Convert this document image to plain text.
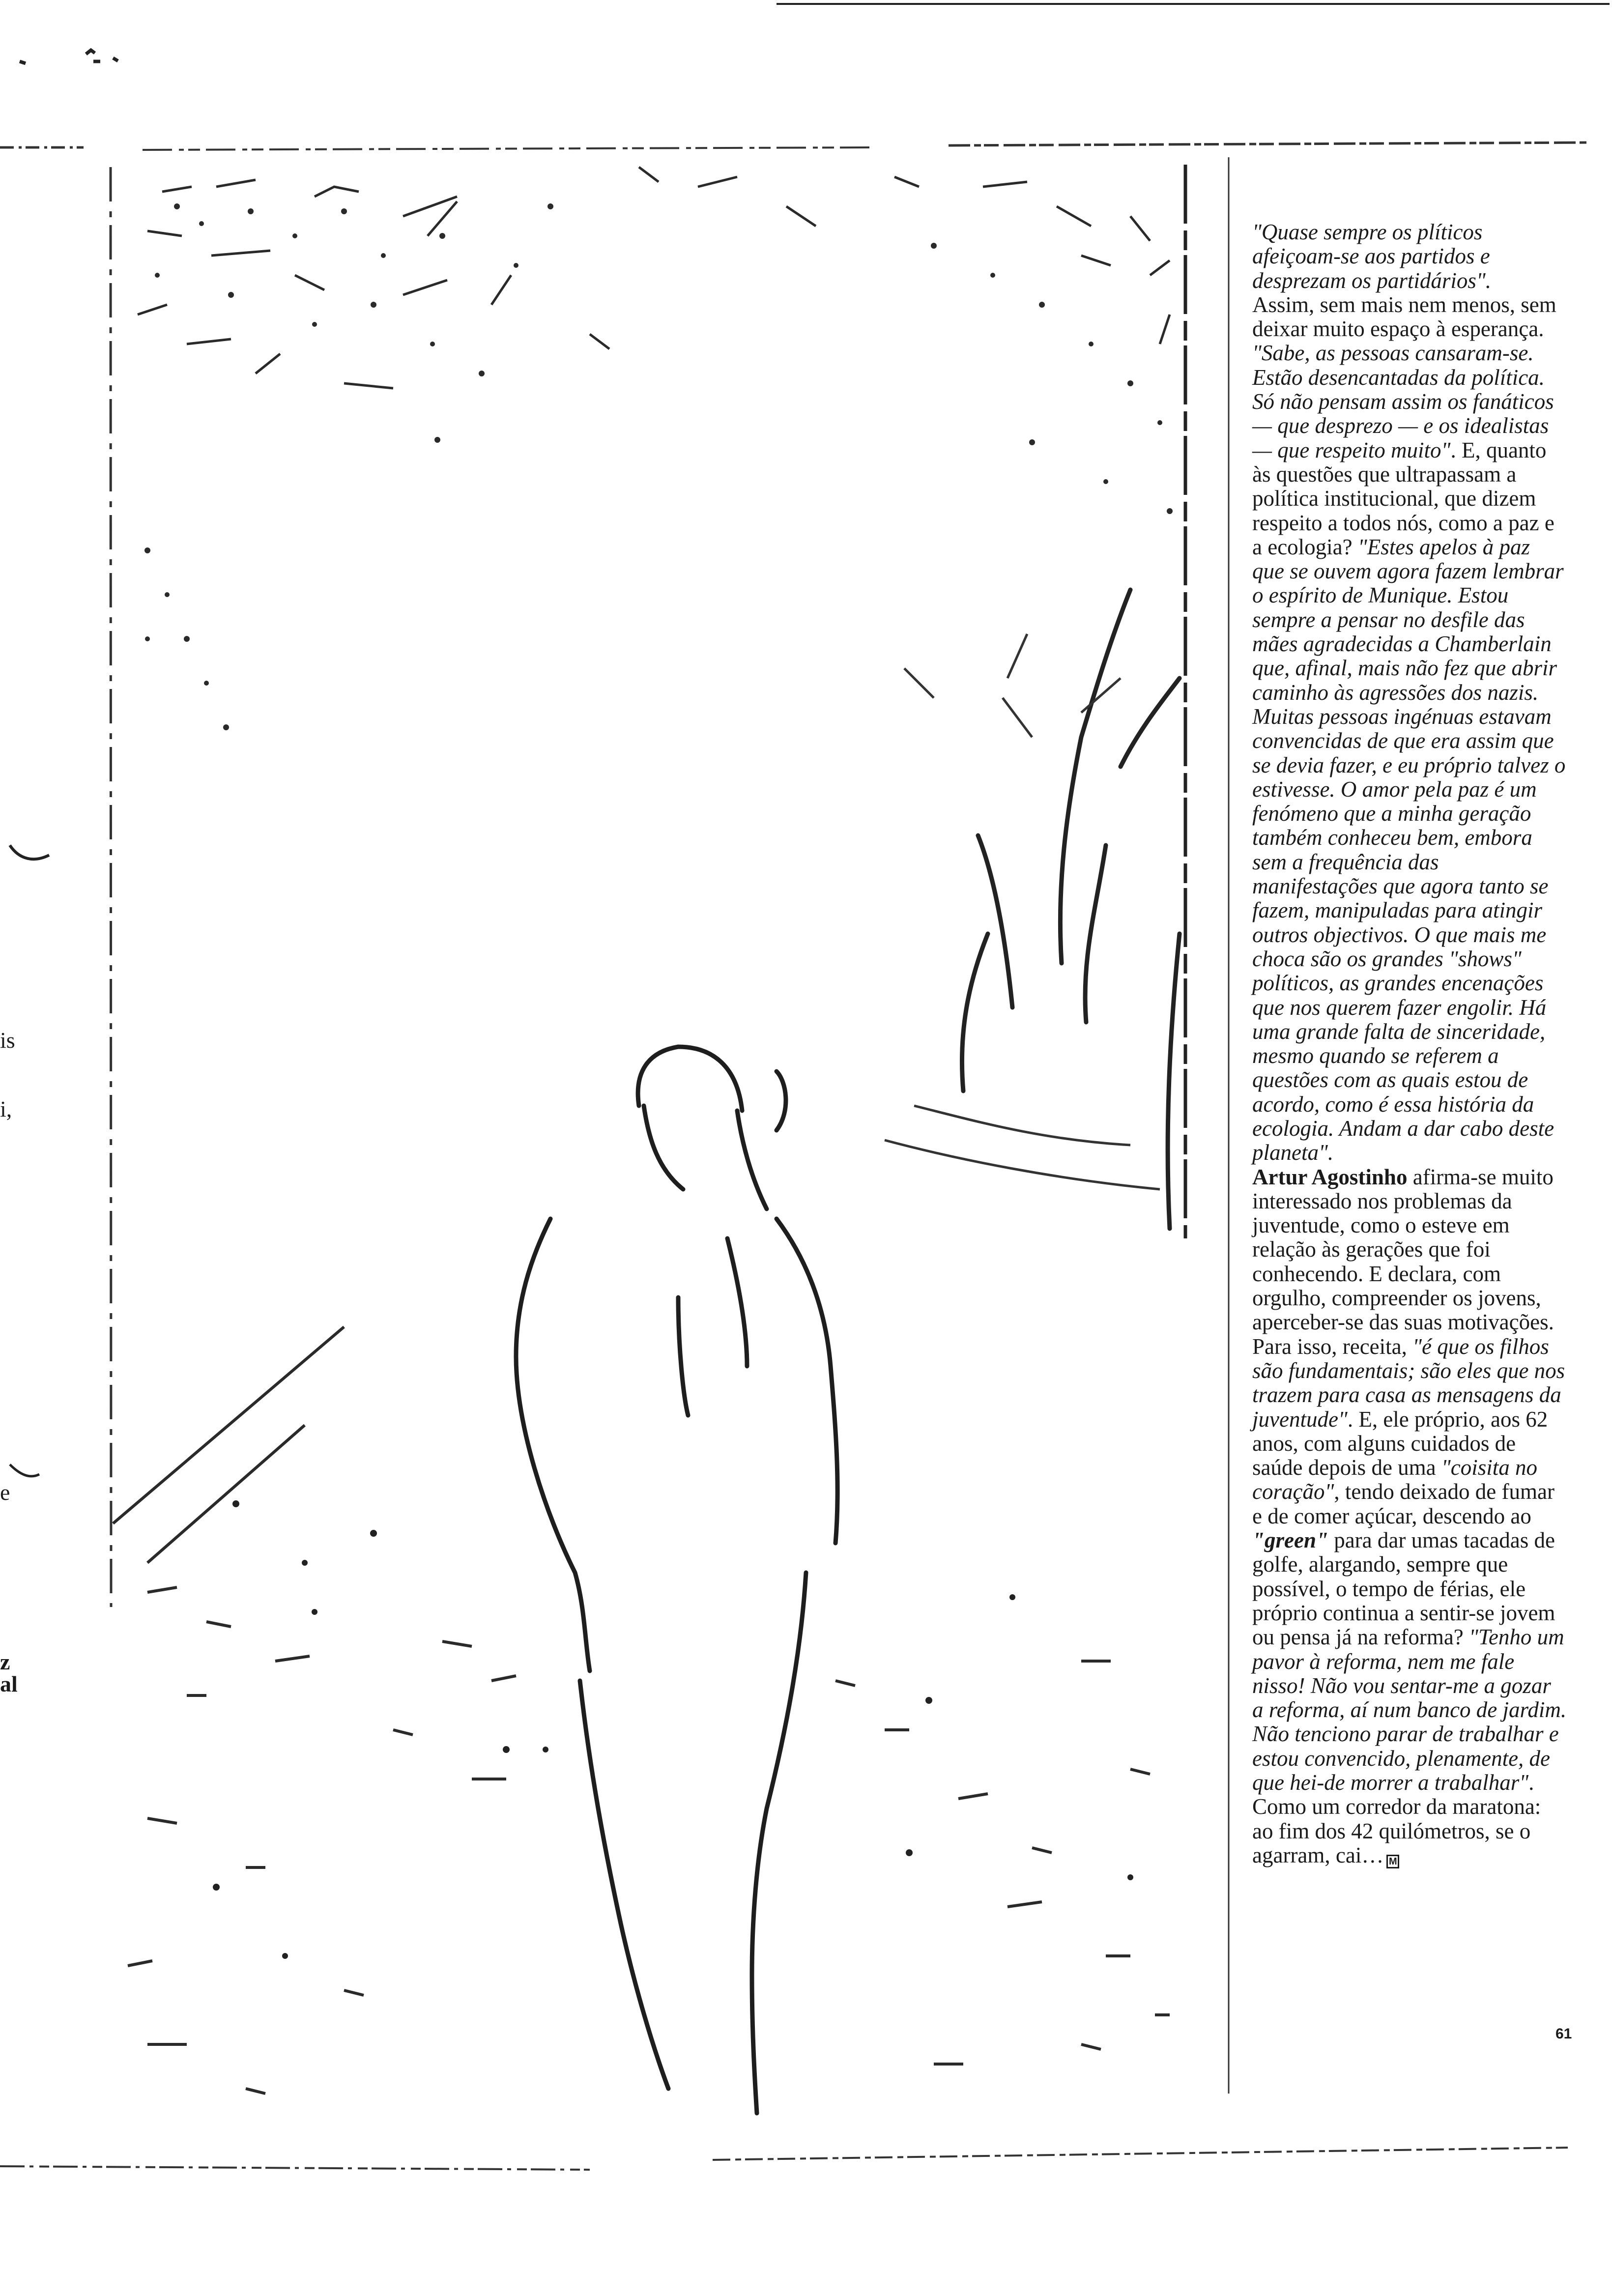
is
i,
e
z
al

"Quase sempre os plíticos afeiçoam-se aos partidos e desprezam os partidários".
Assim, sem mais nem menos, sem deixar muito espaço à esperança. "Sabe, as pessoas cansaram-se. Estão desencantadas da política. Só não pensam assim os fanáticos — que desprezo — e os idealistas — que respeito muito". E, quanto às questões que ultrapassam a política institucional, que dizem respeito a todos nós, como a paz e a ecologia? "Estes apelos à paz que se ouvem agora fazem lembrar o espírito de Munique. Estou sempre a pensar no desfile das mães agradecidas a Chamberlain que, afinal, mais não fez que abrir caminho às agressões dos nazis. Muitas pessoas ingénuas estavam convencidas de que era assim que se devia fazer, e eu próprio talvez o estivesse. O amor pela paz é um fenómeno que a minha geração também conheceu bem, embora sem a frequência das manifestações que agora tanto se fazem, manipuladas para atingir outros objectivos. O que mais me choca são os grandes "shows" políticos, as grandes encenações que nos querem fazer engolir. Há uma grande falta de sinceridade, mesmo quando se referem a questões com as quais estou de acordo, como é essa história da ecologia. Andam a dar cabo deste planeta".
Artur Agostinho afirma-se muito interessado nos problemas da juventude, como o esteve em relação às gerações que foi conhecendo. E declara, com orgulho, compreender os jovens, aperceber-se das suas motivações. Para isso, receita, "é que os filhos são fundamentais; são eles que nos trazem para casa as mensagens da juventude". E, ele próprio, aos 62 anos, com alguns cuidados de saúde depois de uma "coisita no coração", tendo deixado de fumar e de comer açúcar, descendo ao "green" para dar umas tacadas de golfe, alargando, sempre que possível, o tempo de férias, ele próprio continua a sentir-se jovem ou pensa já na reforma? "Tenho um pavor à reforma, nem me fale nisso! Não vou sentar-me a gozar a reforma, aí num banco de jardim. Não tenciono parar de trabalhar e estou convencido, plenamente, de que hei-de morrer a trabalhar". Como um corredor da maratona: ao fim dos 42 quilómetros, se o agarram, cai… M

61
